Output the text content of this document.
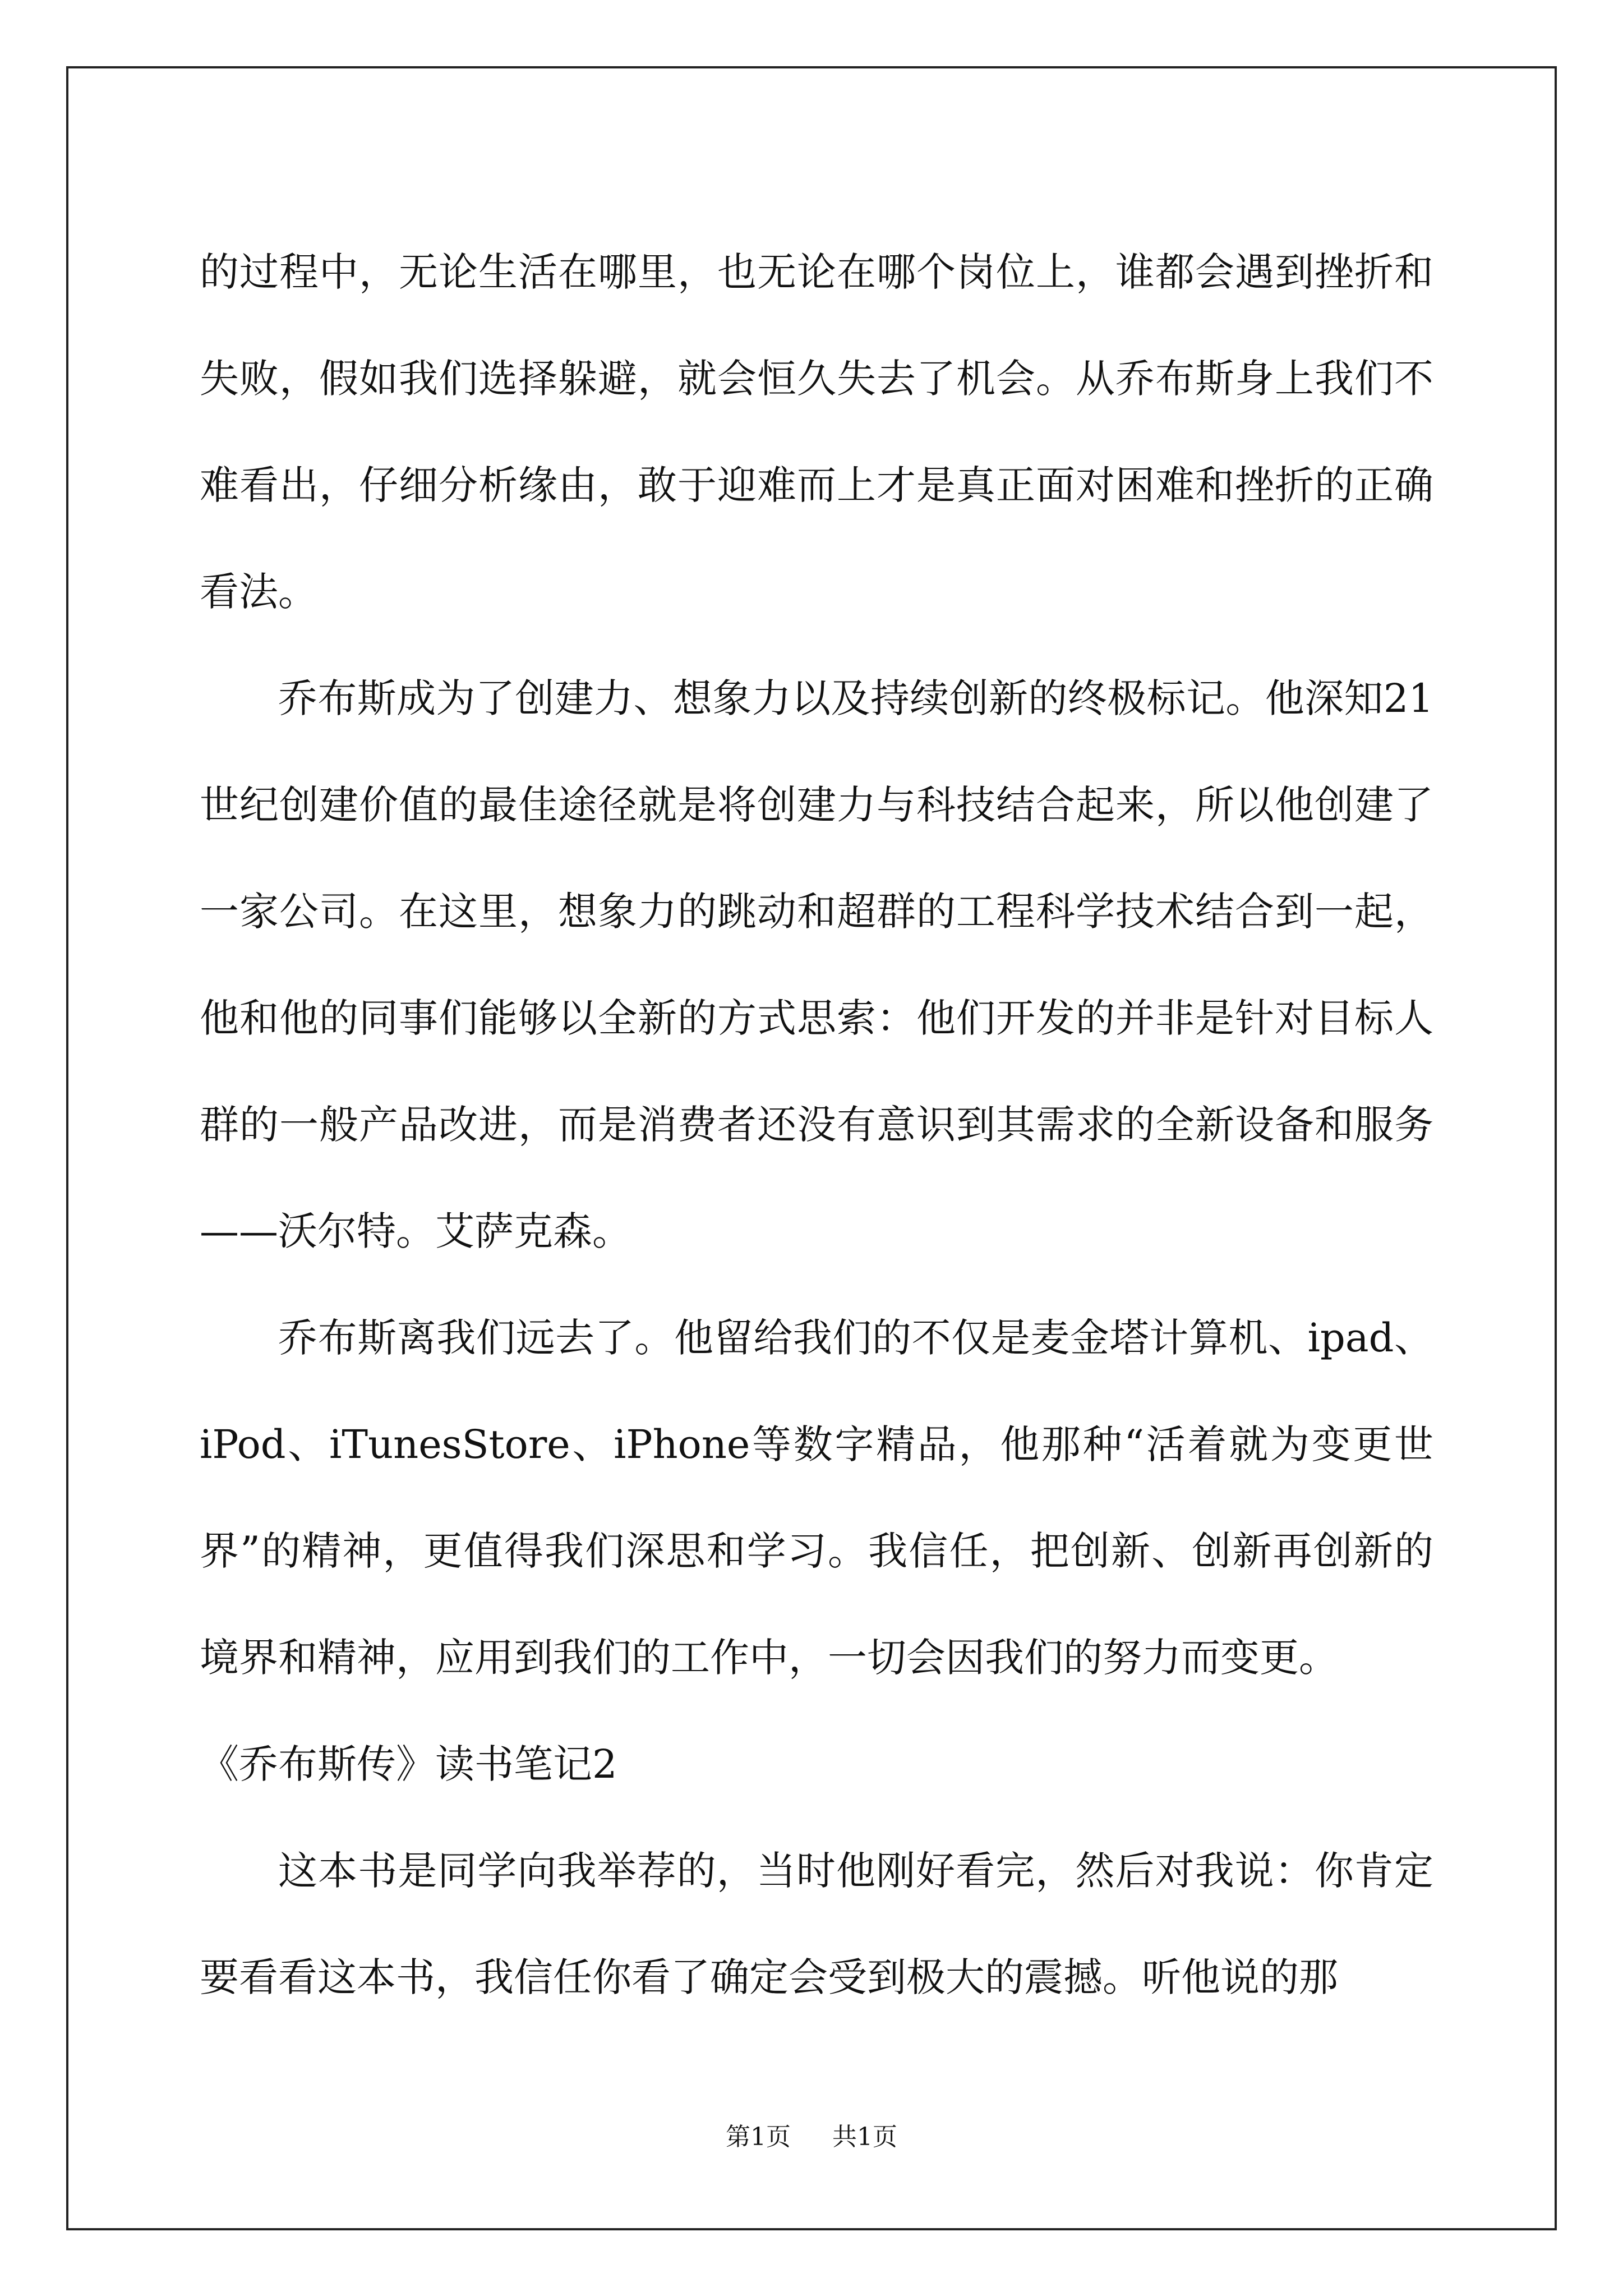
的过程中，无论生活在哪里，也无论在哪个岗位上，谁都会遇到挫折和失败，假如我们选择躲避，就会恒久失去了机会。从乔布斯身上我们不难看出，仔细分析缘由，敢于迎难而上才是真正面对困难和挫折的正确看法。

乔布斯成为了创建力、想象力以及持续创新的终极标记。他深知21世纪创建价值的最佳途径就是将创建力与科技结合起来，所以他创建了一家公司。在这里，想象力的跳动和超群的工程科学技术结合到一起，他和他的同事们能够以全新的方式思索：他们开发的并非是针对目标人群的一般产品改进，而是消费者还没有意识到其需求的全新设备和服务——沃尔特。艾萨克森。

乔布斯离我们远去了。他留给我们的不仅是麦金塔计算机、ipad、iPod、iTunesStore、iPhone等数字精品，他那种“活着就为变更世界”的精神，更值得我们深思和学习。我信任，把创新、创新再创新的境界和精神，应用到我们的工作中，一切会因我们的努力而变更。

《乔布斯传》读书笔记2

这本书是同学向我举荐的，当时他刚好看完，然后对我说：你肯定要看看这本书，我信任你看了确定会受到极大的震撼。听他说的那

第1页 共1页
